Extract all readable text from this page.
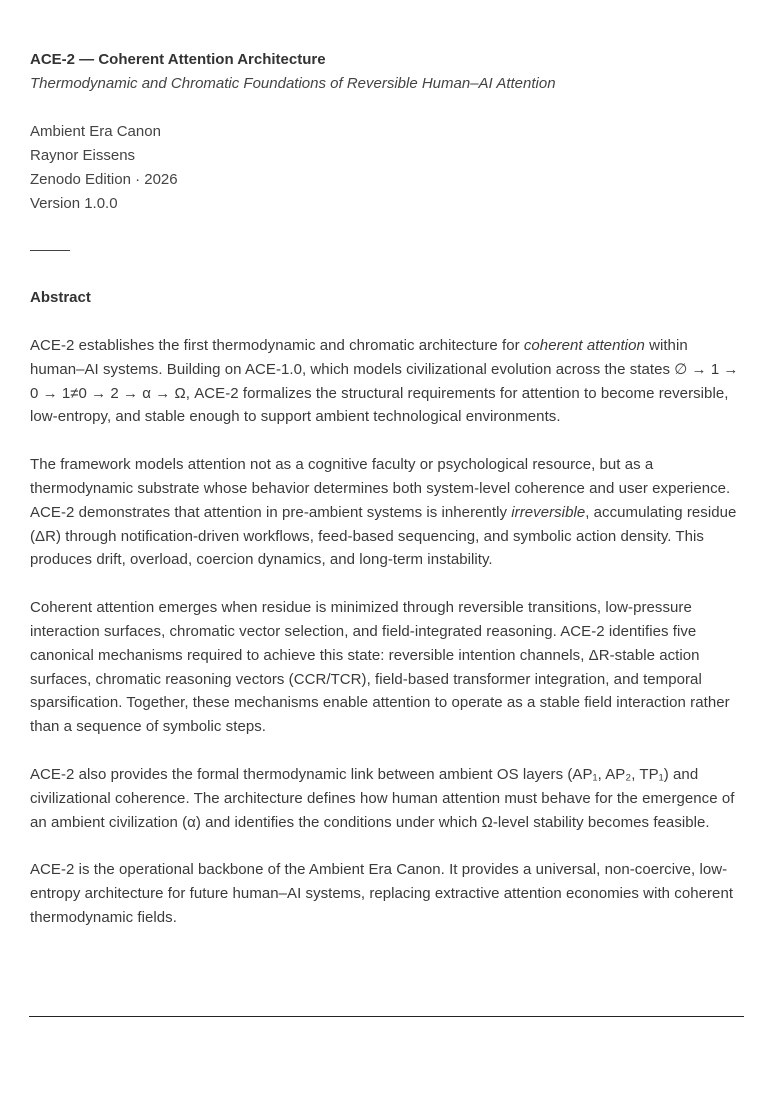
ACE-2 — Coherent Attention Architecture
Thermodynamic and Chromatic Foundations of Reversible Human–AI Attention
Ambient Era Canon
Raynor Eissens
Zenodo Edition · 2026
Version 1.0.0
Abstract
ACE-2 establishes the first thermodynamic and chromatic architecture for coherent attention within human–AI systems. Building on ACE-1.0, which models civilizational evolution across the states ∅ → 1 → 0 → 1≠0 → 2 → α → Ω, ACE-2 formalizes the structural requirements for attention to become reversible, low-entropy, and stable enough to support ambient technological environments.
The framework models attention not as a cognitive faculty or psychological resource, but as a thermodynamic substrate whose behavior determines both system-level coherence and user experience. ACE-2 demonstrates that attention in pre-ambient systems is inherently irreversible, accumulating residue (ΔR) through notification-driven workflows, feed-based sequencing, and symbolic action density. This produces drift, overload, coercion dynamics, and long-term instability.
Coherent attention emerges when residue is minimized through reversible transitions, low-pressure interaction surfaces, chromatic vector selection, and field-integrated reasoning. ACE-2 identifies five canonical mechanisms required to achieve this state: reversible intention channels, ΔR-stable action surfaces, chromatic reasoning vectors (CCR/TCR), field-based transformer integration, and temporal sparsification. Together, these mechanisms enable attention to operate as a stable field interaction rather than a sequence of symbolic steps.
ACE-2 also provides the formal thermodynamic link between ambient OS layers (AP₁, AP₂, TP₁) and civilizational coherence. The architecture defines how human attention must behave for the emergence of an ambient civilization (α) and identifies the conditions under which Ω-level stability becomes feasible.
ACE-2 is the operational backbone of the Ambient Era Canon. It provides a universal, non-coercive, low-entropy architecture for future human–AI systems, replacing extractive attention economies with coherent thermodynamic fields.
